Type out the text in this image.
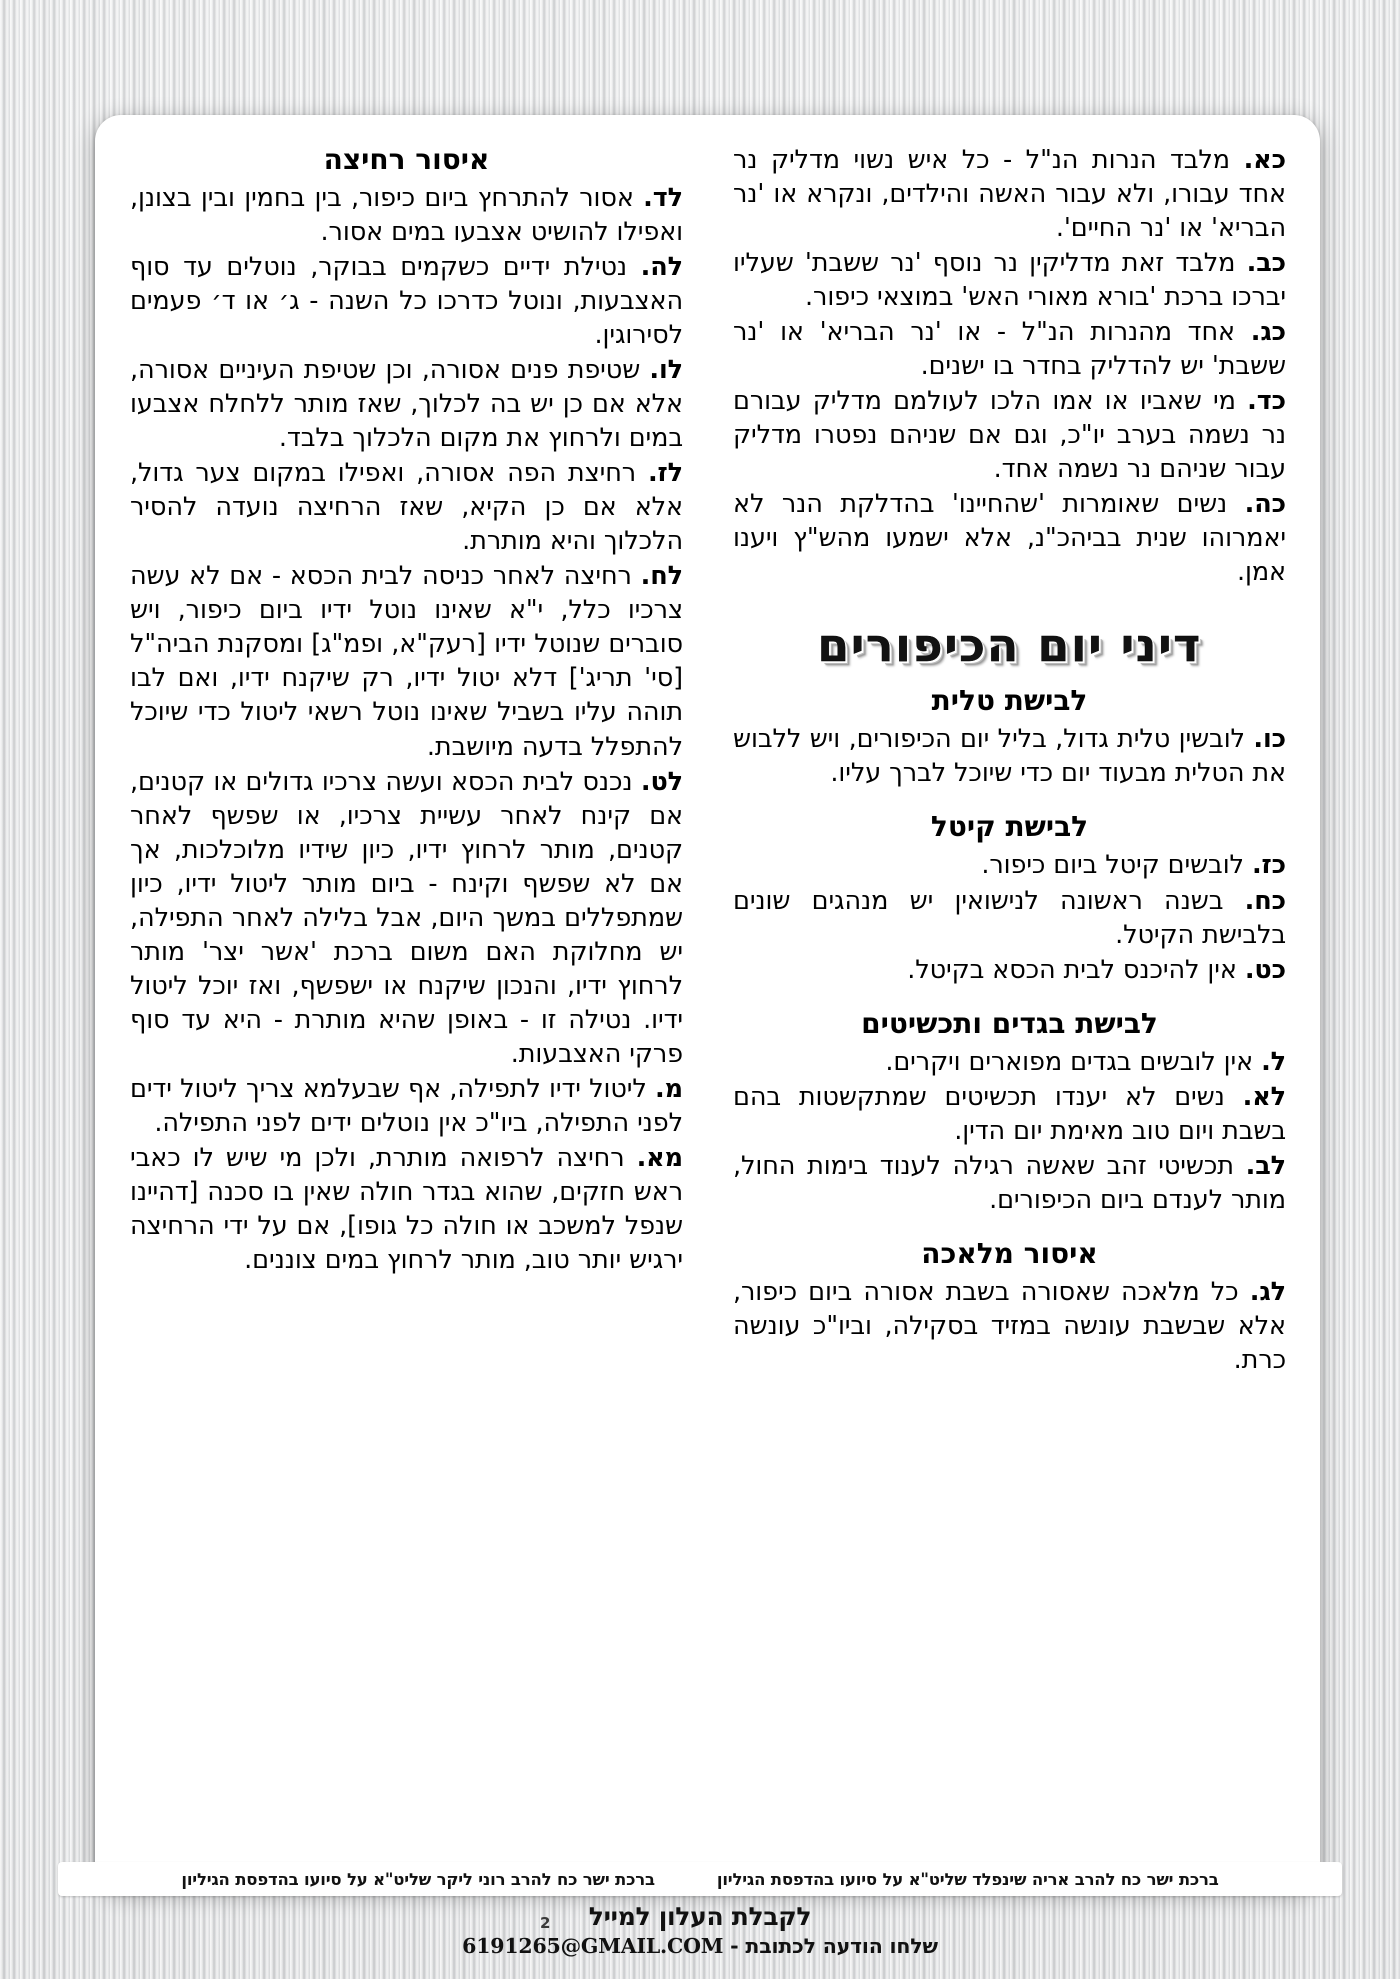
כא. מלבד הנרות הנ"ל - כל איש נשוי מדליק נר אחד עבורו, ולא עבור האשה והילדים, ונקרא או 'נר הבריא' או 'נר החיים'.

כב. מלבד זאת מדליקין נר נוסף 'נר ששבת' שעליו יברכו ברכת 'בורא מאורי האש' במוצאי כיפור.

כג. אחד מהנרות הנ"ל - או 'נר הבריא' או 'נר ששבת' יש להדליק בחדר בו ישנים.

כד. מי שאביו או אמו הלכו לעולמם מדליק עבורם נר נשמה בערב יו"כ, וגם אם שניהם נפטרו מדליק עבור שניהם נר נשמה אחד.

כה. נשים שאומרות 'שהחיינו' בהדלקת הנר לא יאמרוהו שנית בביהכ"נ, אלא ישמעו מהש"ץ ויענו אמן.

דיני יום הכיפורים
לבישת טלית

כו. לובשין טלית גדול, בליל יום הכיפורים, ויש ללבוש את הטלית מבעוד יום כדי שיוכל לברך עליו.

לבישת קיטל

כז. לובשים קיטל ביום כיפור.

כח. בשנה ראשונה לנישואין יש מנהגים שונים בלבישת הקיטל.

כט. אין להיכנס לבית הכסא בקיטל.

לבישת בגדים ותכשיטים

ל. אין לובשים בגדים מפוארים ויקרים.

לא. נשים לא יענדו תכשיטים שמתקשטות בהם בשבת ויום טוב מאימת יום הדין.

לב. תכשיטי זהב שאשה רגילה לענוד בימות החול, מותר לענדם ביום הכיפורים.

איסור מלאכה

לג. כל מלאכה שאסורה בשבת אסורה ביום כיפור, אלא שבשבת עונשה במזיד בסקילה, וביו"כ עונשה כרת.

איסור רחיצה

לד. אסור להתרחץ ביום כיפור, בין בחמין ובין בצונן, ואפילו להושיט אצבעו במים אסור.

לה. נטילת ידיים כשקמים בבוקר, נוטלים עד סוף האצבעות, ונוטל כדרכו כל השנה - ג׳ או ד׳ פעמים לסירוגין.

לו. שטיפת פנים אסורה, וכן שטיפת העיניים אסורה, אלא אם כן יש בה לכלוך, שאז מותר ללחלח אצבעו במים ולרחוץ את מקום הלכלוך בלבד.

לז. רחיצת הפה אסורה, ואפילו במקום צער גדול, אלא אם כן הקיא, שאז הרחיצה נועדה להסיר הלכלוך והיא מותרת.

לח. רחיצה לאחר כניסה לבית הכסא - אם לא עשה צרכיו כלל, י"א שאינו נוטל ידיו ביום כיפור, ויש סוברים שנוטל ידיו [רעק"א, ופמ"ג] ומסקנת הביה"ל [סי' תריג'] דלא יטול ידיו, רק שיקנח ידיו, ואם לבו תוהה עליו בשביל שאינו נוטל רשאי ליטול כדי שיוכל להתפלל בדעה מיושבת.

לט. נכנס לבית הכסא ועשה צרכיו גדולים או קטנים, אם קינח לאחר עשיית צרכיו, או שפשף לאחר קטנים, מותר לרחוץ ידיו, כיון שידיו מלוכלכות, אך אם לא שפשף וקינח - ביום מותר ליטול ידיו, כיון שמתפללים במשך היום, אבל בלילה לאחר התפילה, יש מחלוקת האם משום ברכת 'אשר יצר' מותר לרחוץ ידיו, והנכון שיקנח או ישפשף, ואז יוכל ליטול ידיו. נטילה זו - באופן שהיא מותרת - היא עד סוף פרקי האצבעות.

מ. ליטול ידיו לתפילה, אף שבעלמא צריך ליטול ידים לפני התפילה, ביו"כ אין נוטלים ידים לפני התפילה.

מא. רחיצה לרפואה מותרת, ולכן מי שיש לו כאבי ראש חזקים, שהוא בגדר חולה שאין בו סכנה [דהיינו שנפל למשכב או חולה כל גופו], אם על ידי הרחיצה ירגיש יותר טוב, מותר לרחוץ במים צוננים.

ברכת ישר כח להרב אריה שינפלד שליט"א על סיועו בהדפסת הגיליון
ברכת ישר כח להרב רוני ליקר שליט"א על סיועו בהדפסת הגיליון
לקבלת העלון למייל
שלחו הודעה לכתובת - 6191265@GMAIL.COM
2
